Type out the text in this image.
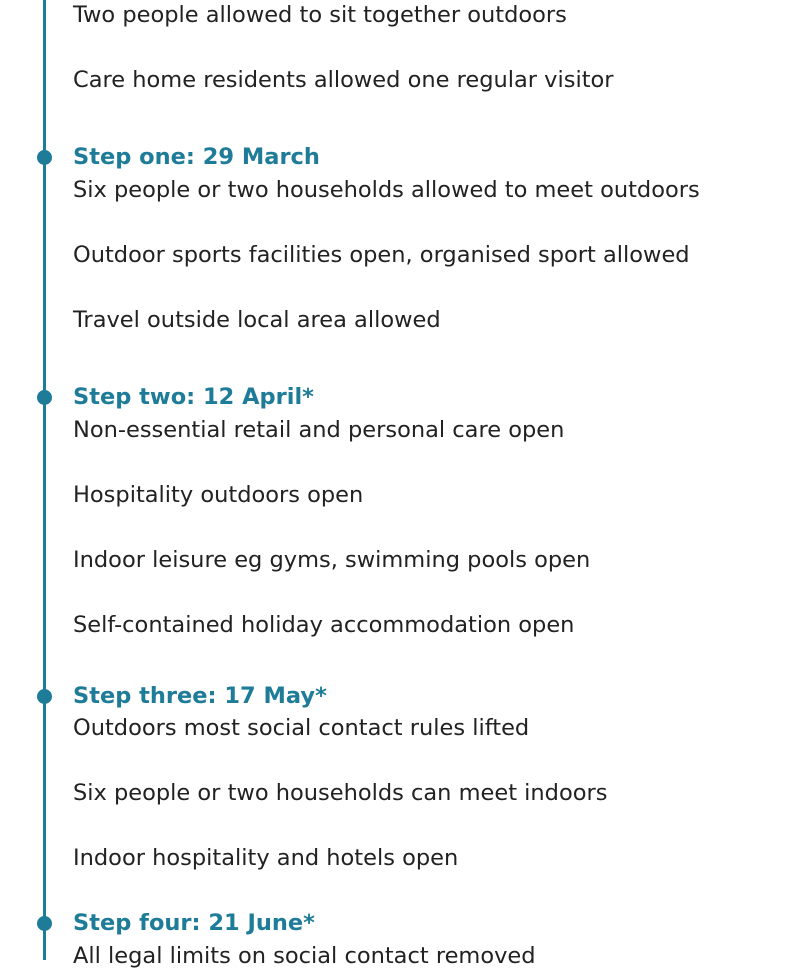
Two people allowed to sit together outdoors

Care home residents allowed one regular visitor

Step one: 29 March

Six people or two households allowed to meet outdoors

Outdoor sports facilities open, organised sport allowed

Travel outside local area allowed

Step two: 12 April*

Non-essential retail and personal care open

Hospitality outdoors open

Indoor leisure eg gyms, swimming pools open

Self-contained holiday accommodation open

Step three: 17 May*

Outdoors most social contact rules lifted

Six people or two households can meet indoors

Indoor hospitality and hotels open

Step four: 21 June*

All legal limits on social contact removed
